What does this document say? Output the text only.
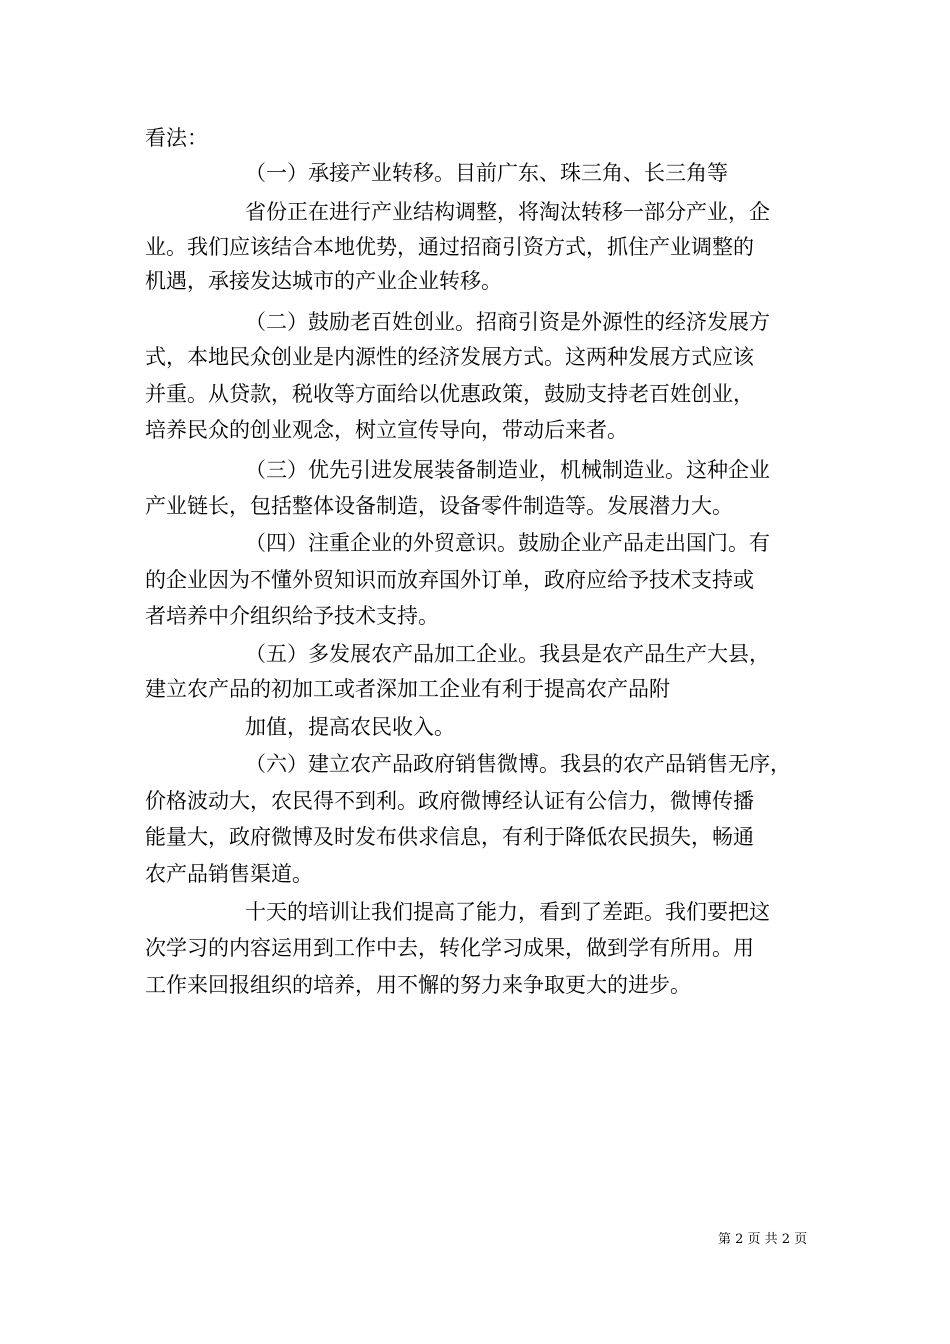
看法：
（一）承接产业转移。目前广东、珠三角、长三角等
省份正在进行产业结构调整，将淘汰转移一部分产业，企
业。我们应该结合本地优势，通过招商引资方式，抓住产业调整的
机遇，承接发达城市的产业企业转移。
（二）鼓励老百姓创业。招商引资是外源性的经济发展方
式，本地民众创业是内源性的经济发展方式。这两种发展方式应该
并重。从贷款，税收等方面给以优惠政策，鼓励支持老百姓创业，
培养民众的创业观念，树立宣传导向，带动后来者。
（三）优先引进发展装备制造业，机械制造业。这种企业
产业链长，包括整体设备制造，设备零件制造等。发展潜力大。
（四）注重企业的外贸意识。鼓励企业产品走出国门。有
的企业因为不懂外贸知识而放弃国外订单，政府应给予技术支持或
者培养中介组织给予技术支持。
（五）多发展农产品加工企业。我县是农产品生产大县，
建立农产品的初加工或者深加工企业有利于提高农产品附
加值，提高农民收入。
（六）建立农产品政府销售微博。我县的农产品销售无序，
价格波动大，农民得不到利。政府微博经认证有公信力，微博传播
能量大，政府微博及时发布供求信息，有利于降低农民损失，畅通
农产品销售渠道。
十天的培训让我们提高了能力，看到了差距。我们要把这
次学习的内容运用到工作中去，转化学习成果，做到学有所用。用
工作来回报组织的培养，用不懈的努力来争取更大的进步。
第 2 页 共 2 页
